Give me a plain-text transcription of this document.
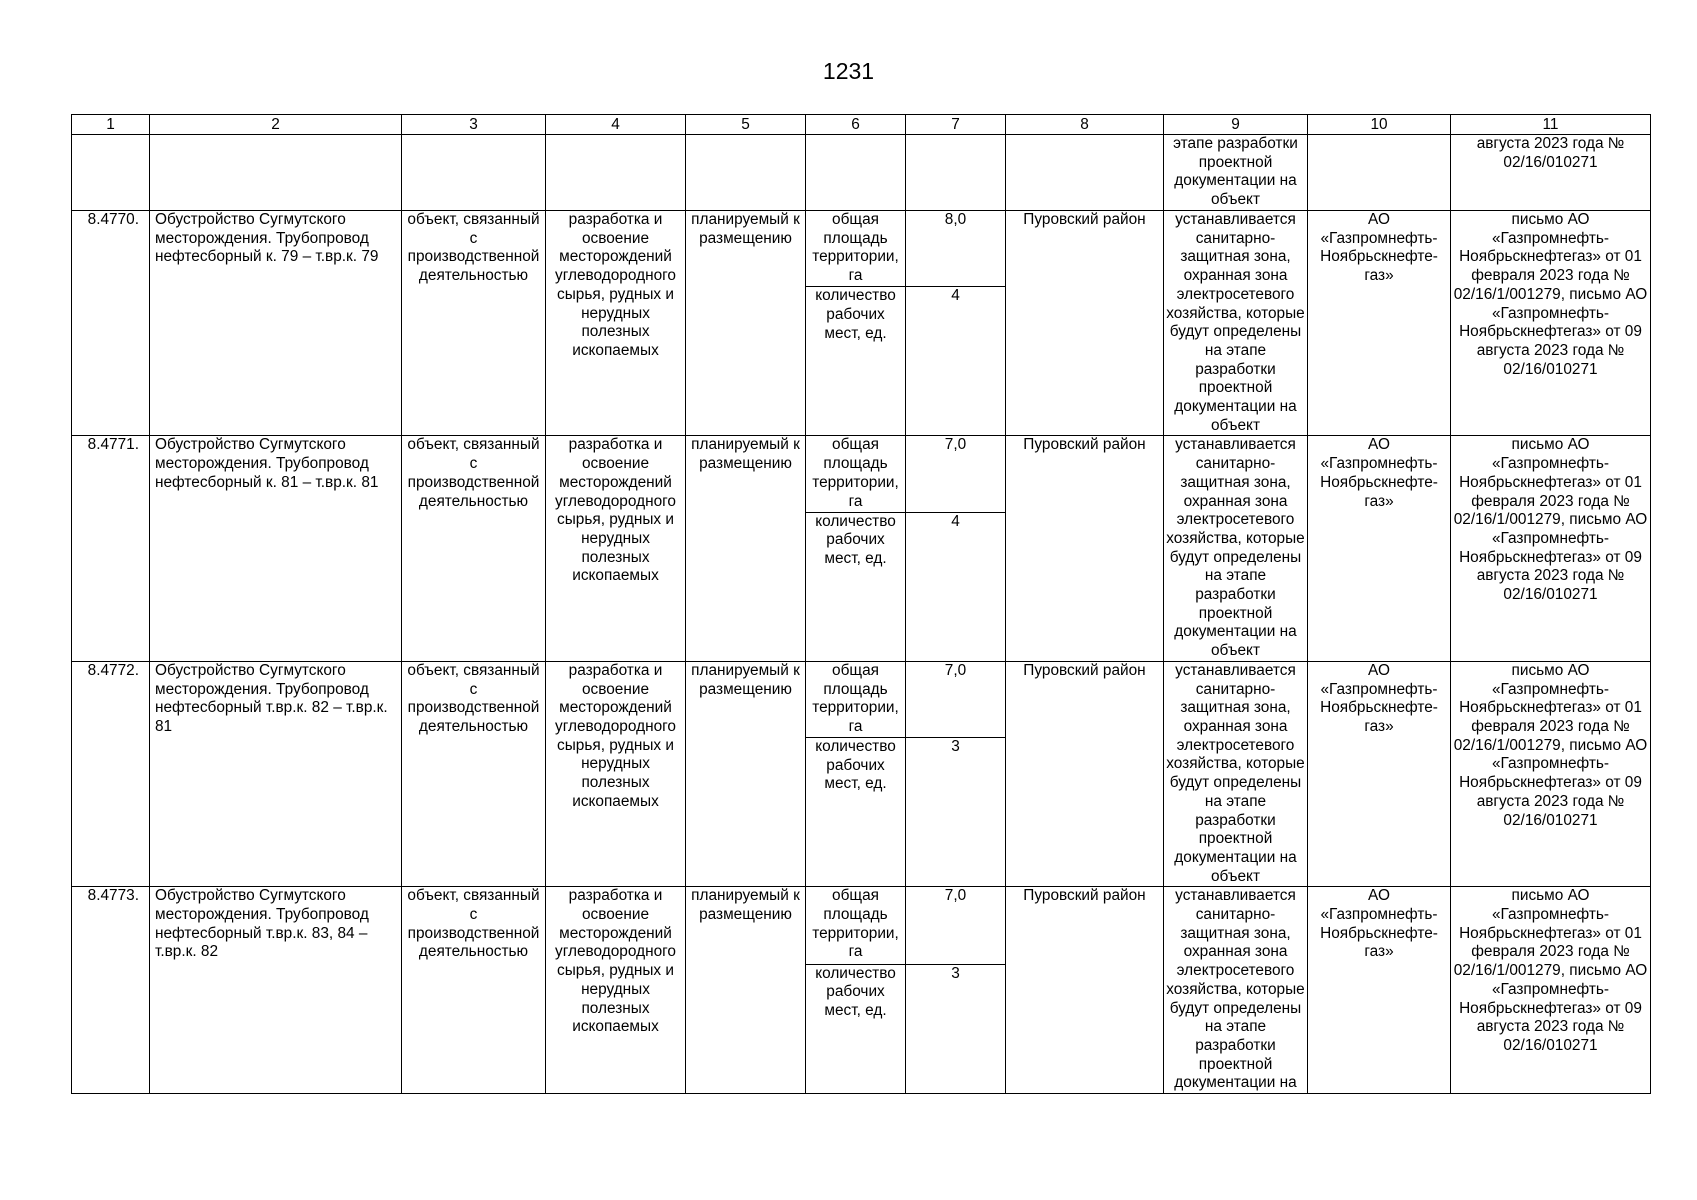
1231
1	2	3	4	5	6	7	8	9	10	11
								этапе разработки проектной документации на объект		августа 2023 года № 02/16/010271
8.4770.	Обустройство Сугмутского месторождения. Трубопровод нефтесборный к. 79 – т.вр.к. 79	объект, связанный с производственной деятельностью	разработка и освоение месторождений углеводородного сырья, рудных и нерудных полезных ископаемых	планируемый к размещению	общая площадь территории, га	8,0	Пуровский район	устанавливается санитарно-защитная зона, охранная зона электросетевого хозяйства, которые будут определены на этапе разработки проектной документации на объект	АО «Газпромнефть-Ноябрьскнефте-газ»	письмо АО «Газпромнефть-Ноябрьскнефтегаз» от 01 февраля 2023 года № 02/16/1/001279, письмо АО «Газпромнефть-Ноябрьскнефтегаз» от 09 августа 2023 года № 02/16/010271
					количество рабочих мест, ед.	4				
8.4771.	Обустройство Сугмутского месторождения. Трубопровод нефтесборный к. 81 – т.вр.к. 81	объект, связанный с производственной деятельностью	разработка и освоение месторождений углеводородного сырья, рудных и нерудных полезных ископаемых	планируемый к размещению	общая площадь территории, га	7,0	Пуровский район	устанавливается санитарно-защитная зона, охранная зона электросетевого хозяйства, которые будут определены на этапе разработки проектной документации на объект	АО «Газпромнефть-Ноябрьскнефте-газ»	письмо АО «Газпромнефть-Ноябрьскнефтегаз» от 01 февраля 2023 года № 02/16/1/001279, письмо АО «Газпромнефть-Ноябрьскнефтегаз» от 09 августа 2023 года № 02/16/010271
					количество рабочих мест, ед.	4				
8.4772.	Обустройство Сугмутского месторождения. Трубопровод нефтесборный т.вр.к. 82 – т.вр.к. 81	объект, связанный с производственной деятельностью	разработка и освоение месторождений углеводородного сырья, рудных и нерудных полезных ископаемых	планируемый к размещению	общая площадь территории, га	7,0	Пуровский район	устанавливается санитарно-защитная зона, охранная зона электросетевого хозяйства, которые будут определены на этапе разработки проектной документации на объект	АО «Газпромнефть-Ноябрьскнефте-газ»	письмо АО «Газпромнефть-Ноябрьскнефтегаз» от 01 февраля 2023 года № 02/16/1/001279, письмо АО «Газпромнефть-Ноябрьскнефтегаз» от 09 августа 2023 года № 02/16/010271
					количество рабочих мест, ед.	3				
8.4773.	Обустройство Сугмутского месторождения. Трубопровод нефтесборный т.вр.к. 83, 84 – т.вр.к. 82	объект, связанный с производственной деятельностью	разработка и освоение месторождений углеводородного сырья, рудных и нерудных полезных ископаемых	планируемый к размещению	общая площадь территории, га	7,0	Пуровский район	устанавливается санитарно-защитная зона, охранная зона электросетевого хозяйства, которые будут определены на этапе разработки проектной документации на	АО «Газпромнефть-Ноябрьскнефте-газ»	письмо АО «Газпромнефть-Ноябрьскнефтегаз» от 01 февраля 2023 года № 02/16/1/001279, письмо АО «Газпромнефть-Ноябрьскнефтегаз» от 09 августа 2023 года № 02/16/010271
					количество рабочих мест, ед.	3				
